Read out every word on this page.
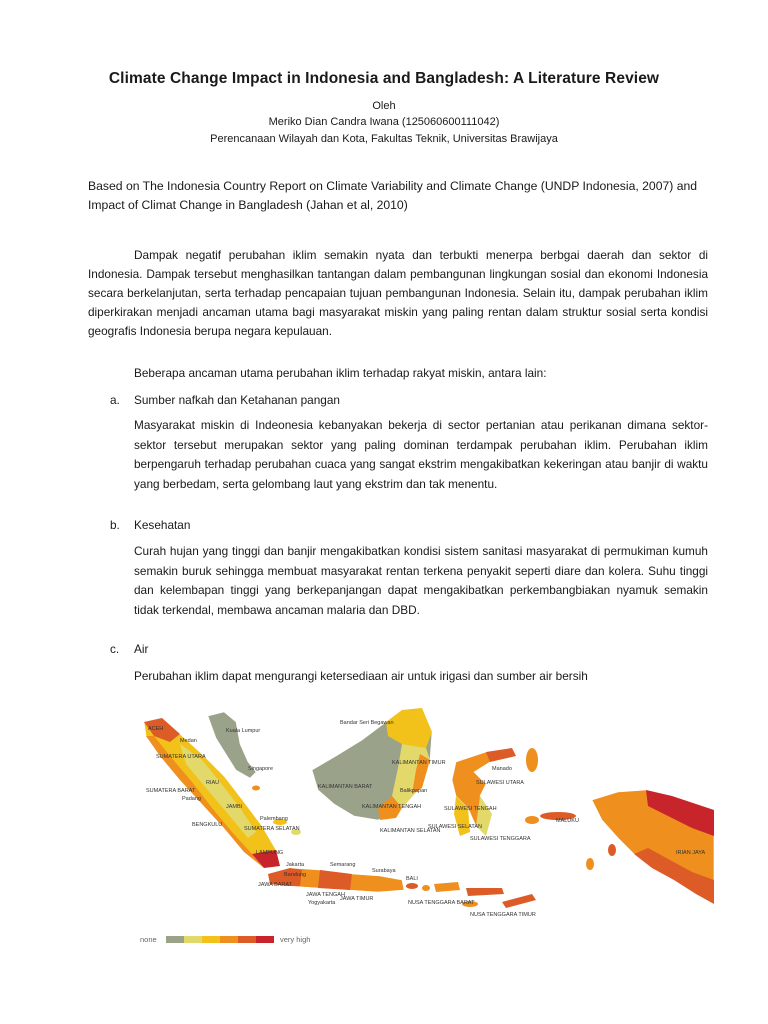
Climate Change Impact in Indonesia and Bangladesh: A Literature Review
Oleh
Meriko Dian Candra Iwana (125060600111042)
Perencanaan Wilayah dan Kota, Fakultas Teknik, Universitas Brawijaya
Based on The Indonesia Country Report on Climate Variability and Climate Change (UNDP Indonesia, 2007) and Impact of Climat Change in Bangladesh (Jahan et al, 2010)
Dampak negatif perubahan iklim semakin nyata dan terbukti menerpa berbgai daerah dan sektor di Indonesia. Dampak tersebut menghasilkan tantangan dalam pembangunan lingkungan sosial dan ekonomi Indonesia secara berkelanjutan, serta terhadap pencapaian tujuan pembangunan Indonesia. Selain itu, dampak perubahan iklim diperkirakan menjadi ancaman utama bagi masyarakat miskin yang paling rentan dalam struktur sosial serta kondisi geografis Indonesia berupa negara kepulauan.
Beberapa ancaman utama perubahan iklim terhadap rakyat miskin, antara lain:
a. Sumber nafkah dan Ketahanan pangan
Masyarakat miskin di Indeonesia kebanyakan bekerja di sector pertanian atau perikanan dimana sektor-sektor tersebut merupakan sektor yang paling dominan terdampak perubahan iklim. Perubahan iklim berpengaruh terhadap perubahan cuaca yang sangat ekstrim mengakibatkan kekeringan atau banjir di waktu yang berbedam, serta gelombang laut yang ekstrim dan tak menentu.
b. Kesehatan
Curah hujan yang tinggi dan banjir mengakibatkan kondisi sistem sanitasi masyarakat di permukiman kumuh semakin buruk sehingga membuat masyarakat rentan terkena penyakit seperti diare dan kolera. Suhu tinggi dan kelembapan tinggi yang berkepanjangan dapat mengakibatkan perkembangbiakan nyamuk semakin tidak terkendal, membawa ancaman malaria dan DBD.
c. Air
Perubahan iklim dapat mengurangi ketersediaan air untuk irigasi dan sumber air bersih
ACEH
Medan
SUMATERA UTARA
Kuala Lumpur
Singapore
RIAU
SUMATERA BARAT
Padang
JAMBI
BENGKULU
Palembang
SUMATERA SELATAN
LAMPUNG
Jakarta
Bandung
JAWA BARAT
Semarang
Surabaya
JAWA TENGAH
Yogyakarta
JAWA TIMUR
BALI
NUSA TENGGARA BARAT
NUSA TENGGARA TIMUR
Bandar Seri Begawan
KALIMANTAN BARAT
KALIMANTAN TENGAH
KALIMANTAN TIMUR
KALIMANTAN SELATAN
Balikpapan
Manado
SULAWESI UTARA
SULAWESI TENGAH
SULAWESI SELATAN
SULAWESI TENGGARA
MALUKU
IRIAN JAYA
none	very high
